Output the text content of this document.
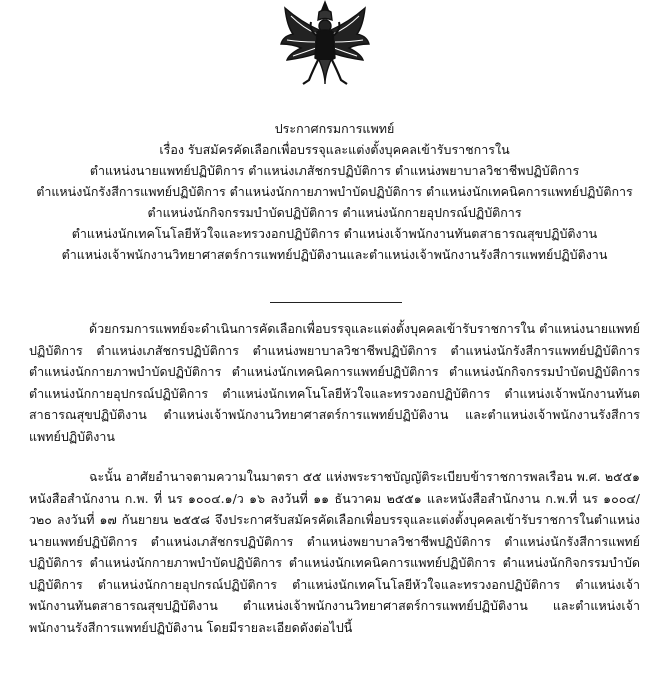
ประกาศกรมการแพทย์
เรื่อง รับสมัครคัดเลือกเพื่อบรรจุและแต่งตั้งบุคคลเข้ารับราชการใน
ตำแหน่งนายแพทย์ปฏิบัติการ ตำแหน่งเภสัชกรปฏิบัติการ ตำแหน่งพยาบาลวิชาชีพปฏิบัติการ
ตำแหน่งนักรังสีการแพทย์ปฏิบัติการ ตำแหน่งนักกายภาพบำบัดปฏิบัติการ ตำแหน่งนักเทคนิคการแพทย์ปฏิบัติการ
ตำแหน่งนักกิจกรรมบำบัดปฏิบัติการ ตำแหน่งนักกายอุปกรณ์ปฏิบัติการ
ตำแหน่งนักเทคโนโลยีหัวใจและทรวงอกปฏิบัติการ ตำแหน่งเจ้าพนักงานทันตสาธารณสุขปฏิบัติงาน
ตำแหน่งเจ้าพนักงานวิทยาศาสตร์การแพทย์ปฏิบัติงานและตำแหน่งเจ้าพนักงานรังสีการแพทย์ปฏิบัติงาน
ด้วยกรมการแพทย์จะดำเนินการคัดเลือกเพื่อบรรจุและแต่งตั้งบุคคลเข้ารับราชการใน ตำแหน่งนายแพทย์ปฏิบัติการ ตำแหน่งเภสัชกรปฏิบัติการ ตำแหน่งพยาบาลวิชาชีพปฏิบัติการ ตำแหน่งนักรังสีการแพทย์ปฏิบัติการ ตำแหน่งนักกายภาพบำบัดปฏิบัติการ ตำแหน่งนักเทคนิคการแพทย์ปฏิบัติการ ตำแหน่งนักกิจกรรมบำบัดปฏิบัติการ ตำแหน่งนักกายอุปกรณ์ปฏิบัติการ ตำแหน่งนักเทคโนโลยีหัวใจและทรวงอกปฏิบัติการ ตำแหน่งเจ้าพนักงานทันตสาธารณสุขปฏิบัติงาน ตำแหน่งเจ้าพนักงานวิทยาศาสตร์การแพทย์ปฏิบัติงาน และตำแหน่งเจ้าพนักงานรังสีการแพทย์ปฏิบัติงาน
ฉะนั้น อาศัยอำนาจตามความในมาตรา ๕๕ แห่งพระราชบัญญัติระเบียบข้าราชการพลเรือน พ.ศ. ๒๕๕๑ หนังสือสำนักงาน ก.พ. ที่ นร ๑๐๐๔.๑/ว ๑๖ ลงวันที่ ๑๑ ธันวาคม ๒๕๕๑ และหนังสือสำนักงาน ก.พ.ที่ นร ๑๐๐๔/ว๒๐ ลงวันที่ ๑๗ กันยายน ๒๕๕๘ จึงประกาศรับสมัครคัดเลือกเพื่อบรรจุและแต่งตั้งบุคคลเข้ารับราชการในตำแหน่งนายแพทย์ปฏิบัติการ ตำแหน่งเภสัชกรปฏิบัติการ ตำแหน่งพยาบาลวิชาชีพปฏิบัติการ ตำแหน่งนักรังสีการแพทย์ปฏิบัติการ ตำแหน่งนักกายภาพบำบัดปฏิบัติการ ตำแหน่งนักเทคนิคการแพทย์ปฏิบัติการ ตำแหน่งนักกิจกรรมบำบัดปฏิบัติการ ตำแหน่งนักกายอุปกรณ์ปฏิบัติการ ตำแหน่งนักเทคโนโลยีหัวใจและทรวงอกปฏิบัติการ ตำแหน่งเจ้าพนักงานทันตสาธารณสุขปฏิบัติงาน ตำแหน่งเจ้าพนักงานวิทยาศาสตร์การแพทย์ปฏิบัติงาน และตำแหน่งเจ้าพนักงานรังสีการแพทย์ปฏิบัติงาน โดยมีรายละเอียดดังต่อไปนี้
